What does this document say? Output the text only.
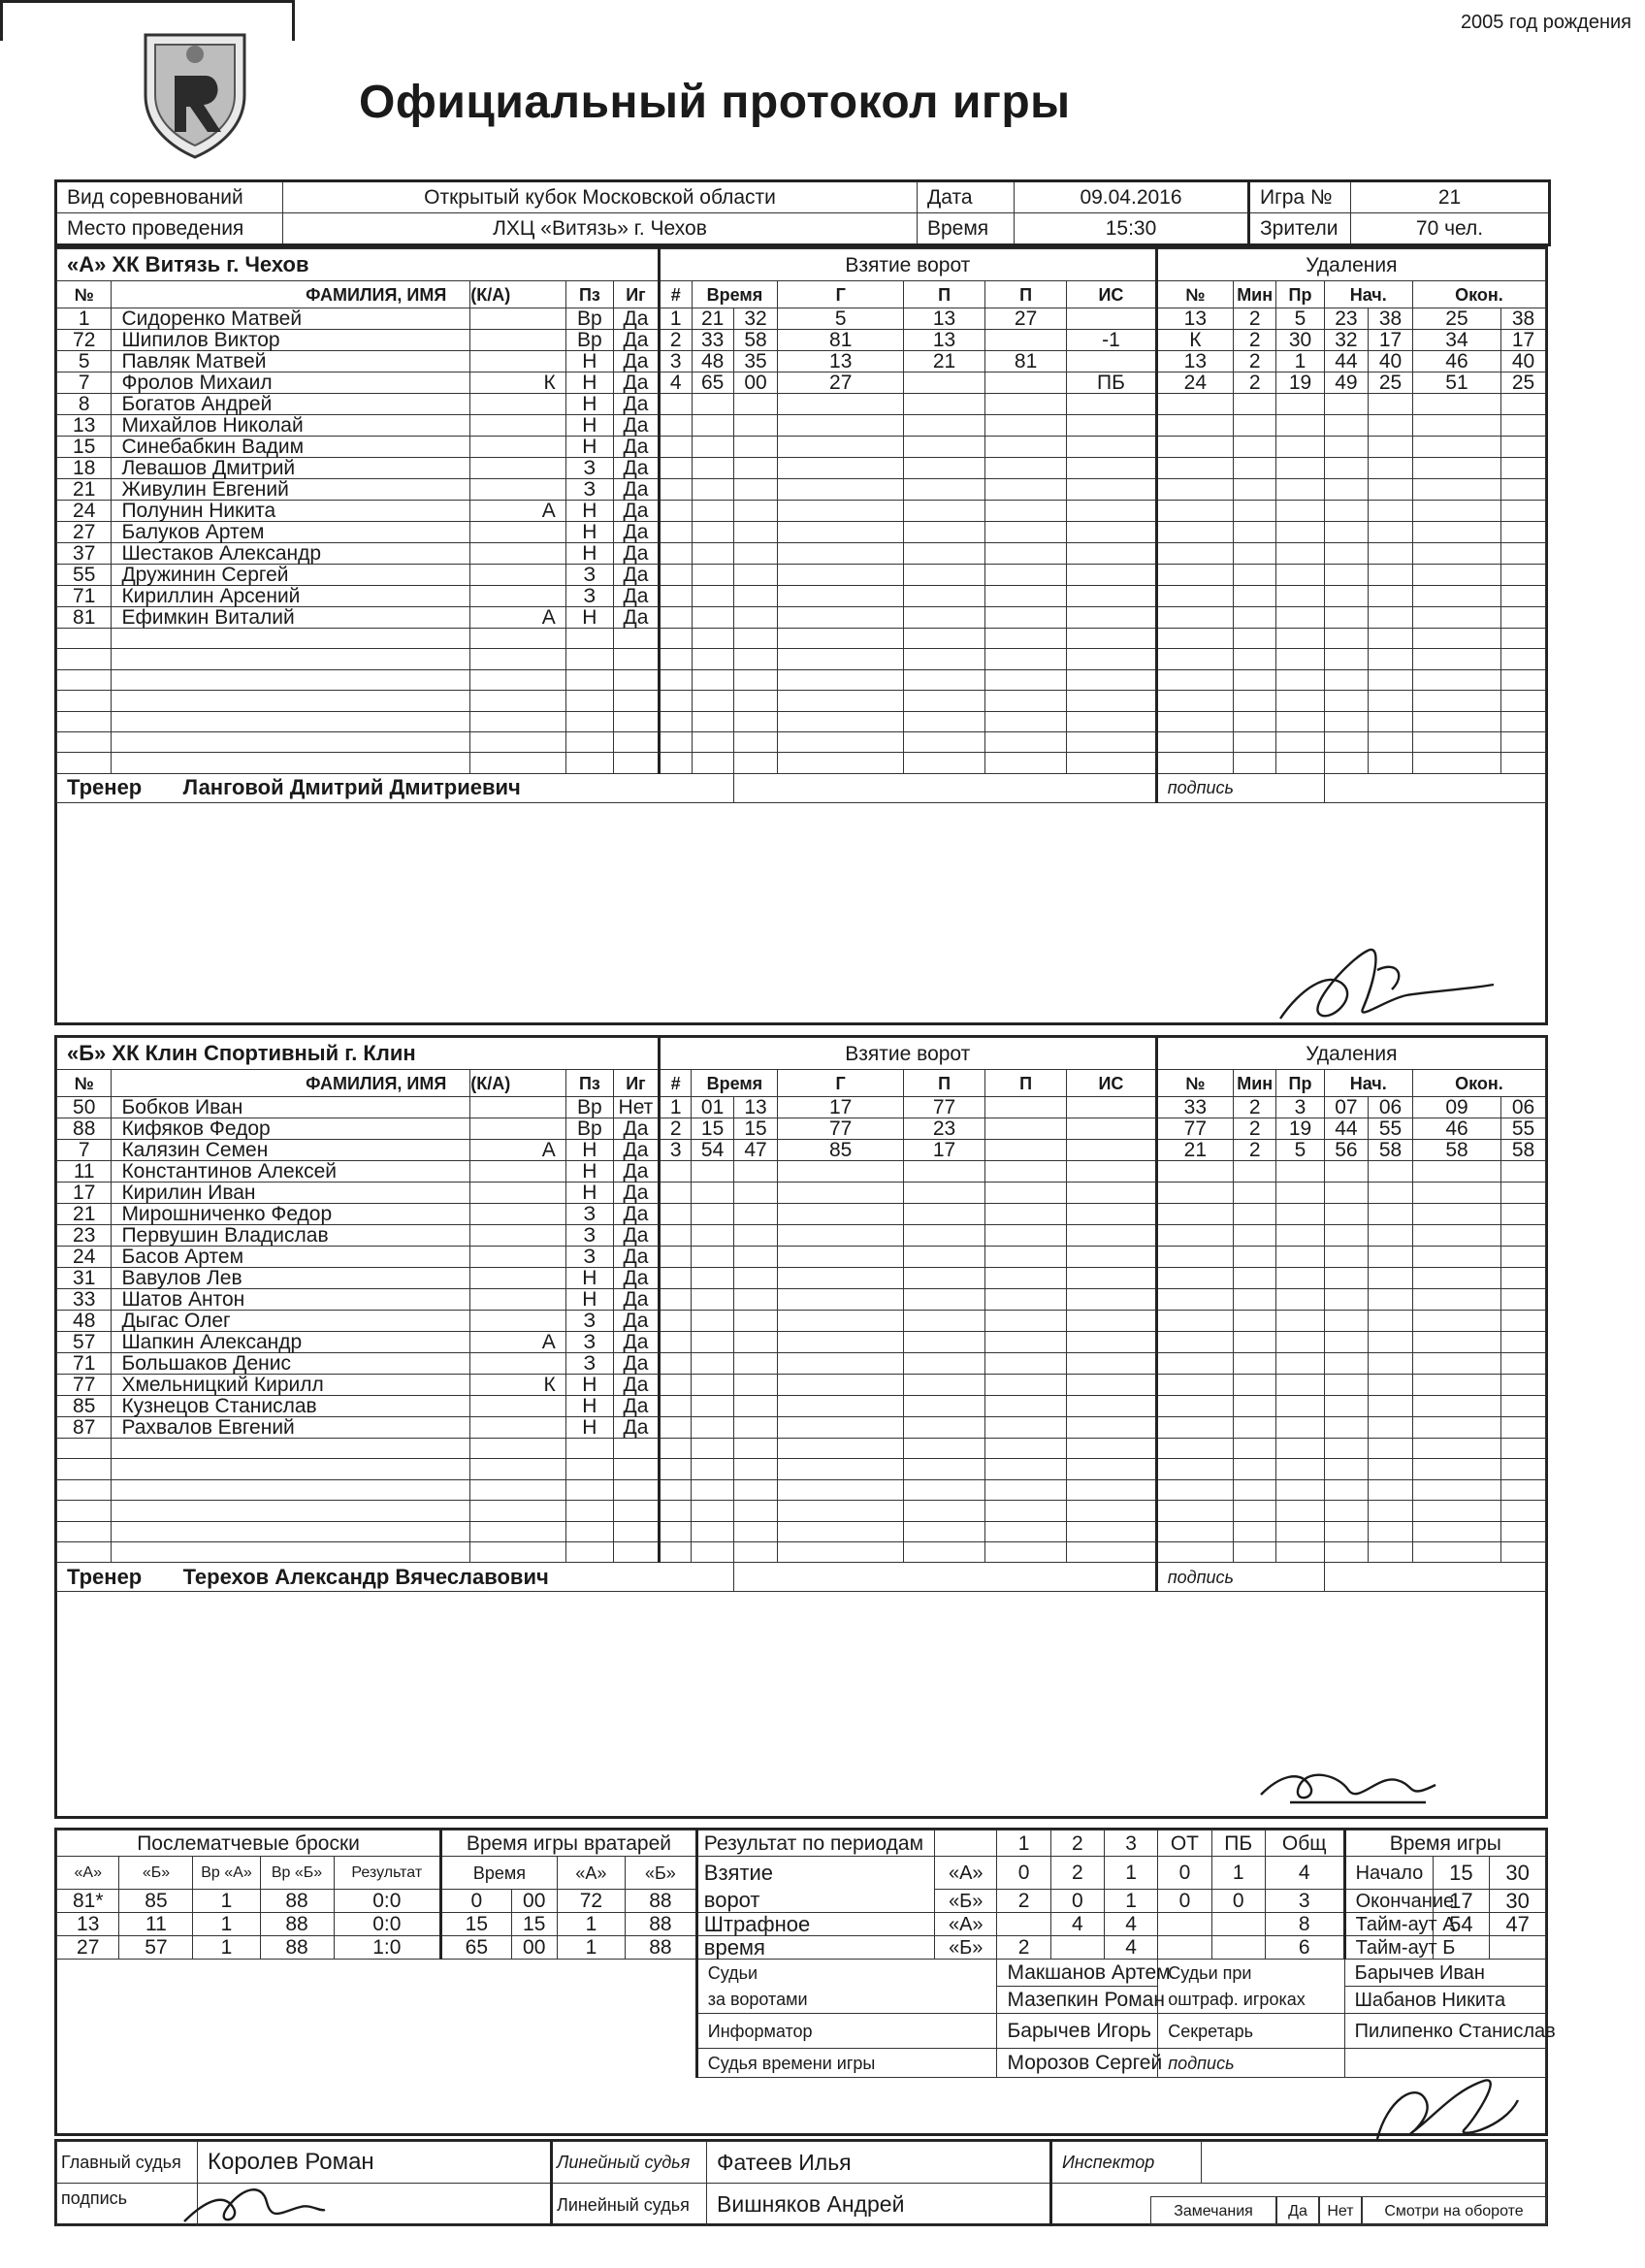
Официальный протокол игры
2005 год рождения
Вид соревнований	Открытый кубок Московской области	Дата	09.04.2016	Игра №	21
Место проведения	ЛХЦ «Витязь» г. Чехов	Время	15:30	Зрители	70 чел.
«А» ХК Витязь г. Чехов						Взятие ворот							Удаления						
№	ФАМИЛИЯ, ИМЯ		(К/А)	Пз	Иг	#	Время		Г	П	П	ИС	№	Мин	Пр	Нач.		Окон.	
1	Сидоренко Матвей			Вр	Да	1	21	32	5	13	27		13	2	5	23	38	25	38
72	Шипилов Виктор			Вр	Да	2	33	58	81	13		-1	К	2	30	32	17	34	17
5	Павляк Матвей			Н	Да	3	48	35	13	21	81		13	2	1	44	40	46	40
7	Фролов Михаил		К	Н	Да	4	65	00	27			ПБ	24	2	19	49	25	51	25
8	Богатов Андрей			Н	Да														
13	Михайлов Николай			Н	Да														
15	Синебабкин Вадим			Н	Да														
18	Левашов Дмитрий			З	Да														
21	Живулин Евгений			З	Да														
24	Полунин Никита		А	Н	Да														
27	Балуков Артем			Н	Да														
37	Шестаков Александр			Н	Да														
55	Дружинин Сергей			З	Да														
71	Кириллин Арсений			З	Да														
81	Ефимкин Виталий		А	Н	Да														

Тренер		Ланговой Дмитрий Дмитриевич											подпись						
«Б» ХК Клин Спортивный г. Клин						Взятие ворот							Удаления						
№	ФАМИЛИЯ, ИМЯ		(К/А)	Пз	Иг	#	Время		Г	П	П	ИС	№	Мин	Пр	Нач.		Окон.	
50	Бобков Иван			Вр	Нет	1	01	13	17	77			33	2	3	07	06	09	06
88	Кифяков Федор			Вр	Да	2	15	15	77	23			77	2	19	44	55	46	55
7	Калязин Семен		А	Н	Да	3	54	47	85	17			21	2	5	56	58	58	58
11	Константинов Алексей			Н	Да														
17	Кирилин Иван			Н	Да														
21	Мирошниченко Федор			З	Да														
23	Первушин Владислав			З	Да														
24	Басов Артем			З	Да														
31	Вавулов Лев			Н	Да														
33	Шатов Антон			Н	Да														
48	Дыгас Олег			З	Да														
57	Шапкин Александр		А	З	Да														
71	Большаков Денис			З	Да														
77	Хмельницкий Кирилл		К	Н	Да														
85	Кузнецов Станислав			Н	Да														
87	Рахвалов Евгений			Н	Да														

Тренер		Терехов Александр Вячеславович											подпись						
Послематчевые броски					Время игры вратарей				Результат по периодам		1	2	3	ОТ	ПБ	Общ	Время игры		
«А»	«Б»	Вр «А»	Вр «Б»	Результат	Время		«А»	«Б»	Взятие	«А»	0	2	1	0	1	4	Начало	15	30
81*	85	1	88	0:0	0	00	72	88	ворот	«Б»	2	0	1	0	0	3	Окончание	17	30
13	11	1	88	0:0	15	15	1	88	Штрафное	«А»		4	4			8	Тайм-аут А	54	47
27	57	1	88	1:0	65	00	1	88	время	«Б»	2		4			6	Тайм-аут Б		
									Судьи		Макшанов Артем			Судьи при			Барычев Иван		
									за воротами		Мазепкин Роман			оштраф. игроках			Шабанов Никита		
									Информатор		Барычев Игорь			Секретарь			Пилипенко Станислав		
									Судья времени игры		Морозов Сергей			подпись					
Главный судья	Королев Роман	Линейный судья	Фатеев Илья	Инспектор	
подпись		Линейный судья	Вишняков Андрей	Замечания Да Нет Смотри на обороте	
